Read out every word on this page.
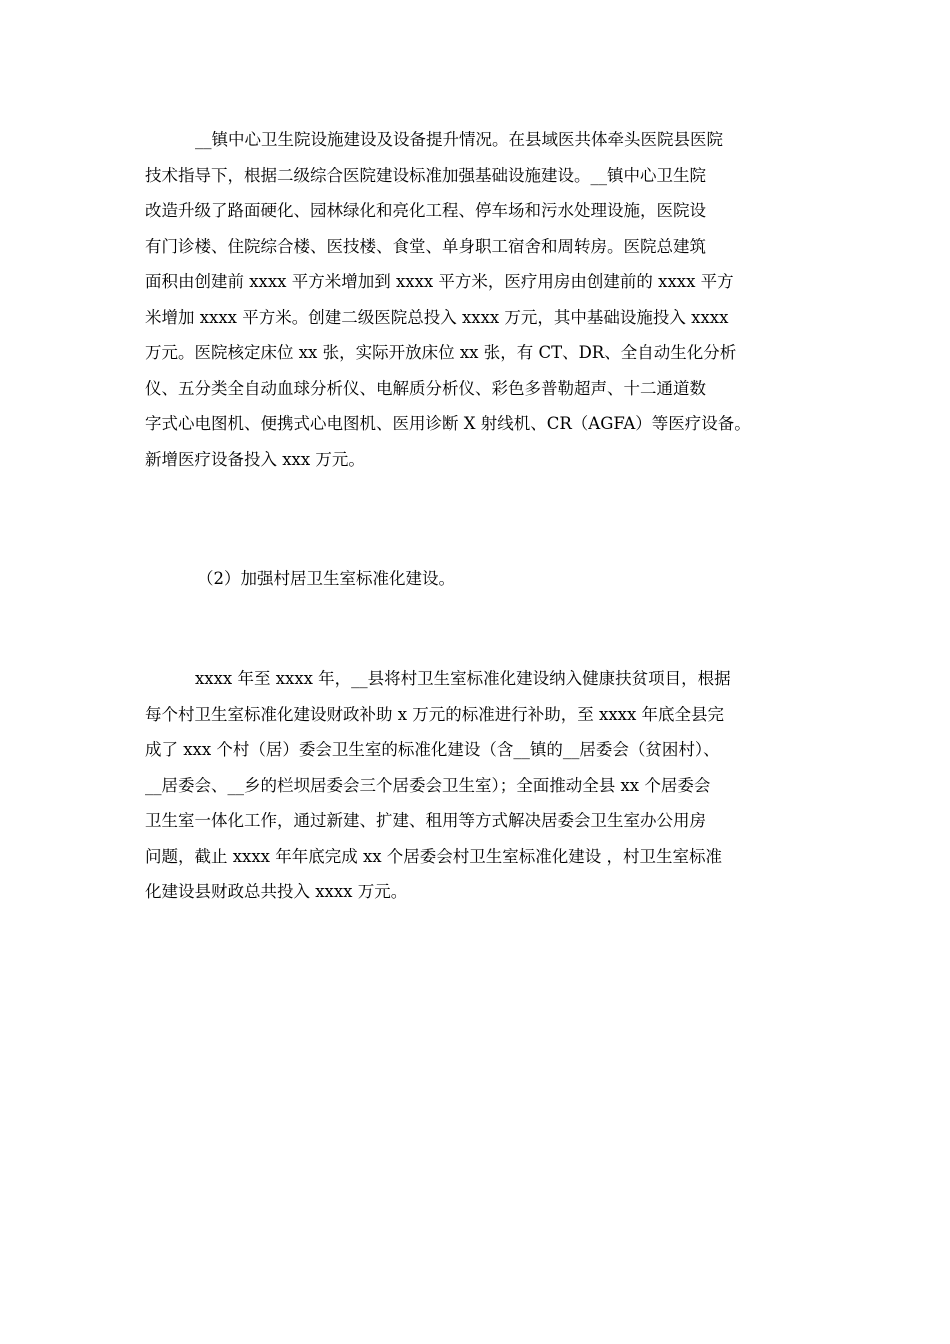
__镇中心卫生院设施建设及设备提升情况。在县域医共体牵头医院县医院
技术指导下，根据二级综合医院建设标准加强基础设施建设。__镇中心卫生院
改造升级了路面硬化、园林绿化和亮化工程、停车场和污水处理设施，医院设
有门诊楼、住院综合楼、医技楼、食堂、单身职工宿舍和周转房。医院总建筑
面积由创建前 xxxx 平方米增加到 xxxx 平方米，医疗用房由创建前的 xxxx 平方
米增加 xxxx 平方米。创建二级医院总投入 xxxx 万元，其中基础设施投入 xxxx
万元。医院核定床位 xx 张，实际开放床位 xx 张，有 CT、DR、全自动生化分析
仪、五分类全自动血球分析仪、电解质分析仪、彩色多普勒超声、十二通道数
字式心电图机、便携式心电图机、医用诊断 X 射线机、CR（AGFA）等医疗设备。
新增医疗设备投入 xxx 万元。
（2）加强村居卫生室标准化建设。
xxxx 年至 xxxx 年，__县将村卫生室标准化建设纳入健康扶贫项目，根据
每个村卫生室标准化建设财政补助 x 万元的标准进行补助，至 xxxx 年底全县完
成了 xxx 个村（居）委会卫生室的标准化建设（含__镇的__居委会（贫困村）、
__居委会、__乡的栏坝居委会三个居委会卫生室）；全面推动全县 xx 个居委会
卫生室一体化工作，通过新建、扩建、租用等方式解决居委会卫生室办公用房
问题，截止 xxxx 年年底完成 xx 个居委会村卫生室标准化建设 ，村卫生室标准
化建设县财政总共投入 xxxx 万元。
